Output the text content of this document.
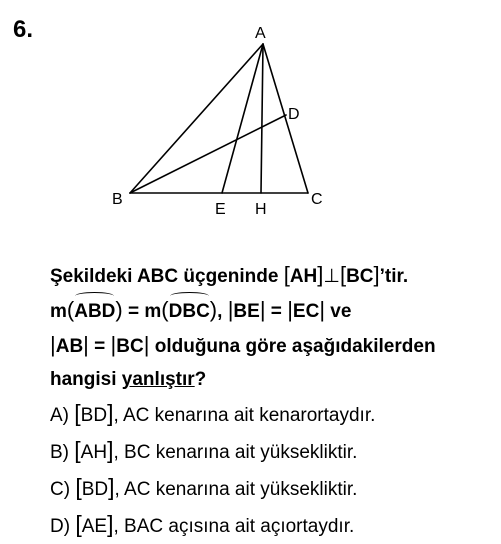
6.	A
D
B	C
E H
Şekildeki ABC üçgeninde [AH]⊥[BC]’tir.
m(ABD) = m(DBC), |BE| = |EC| ve
|AB| = |BC| olduğuna göre aşağıdakilerden
hangisi yanlıştır?
A) [BD], AC kenarına ait kenarortaydır.
B) [AH], BC kenarına ait yüksekliktir.
C) [BD], AC kenarına ait yüksekliktir.
D) [AE], BAC açısına ait açıortaydır.
